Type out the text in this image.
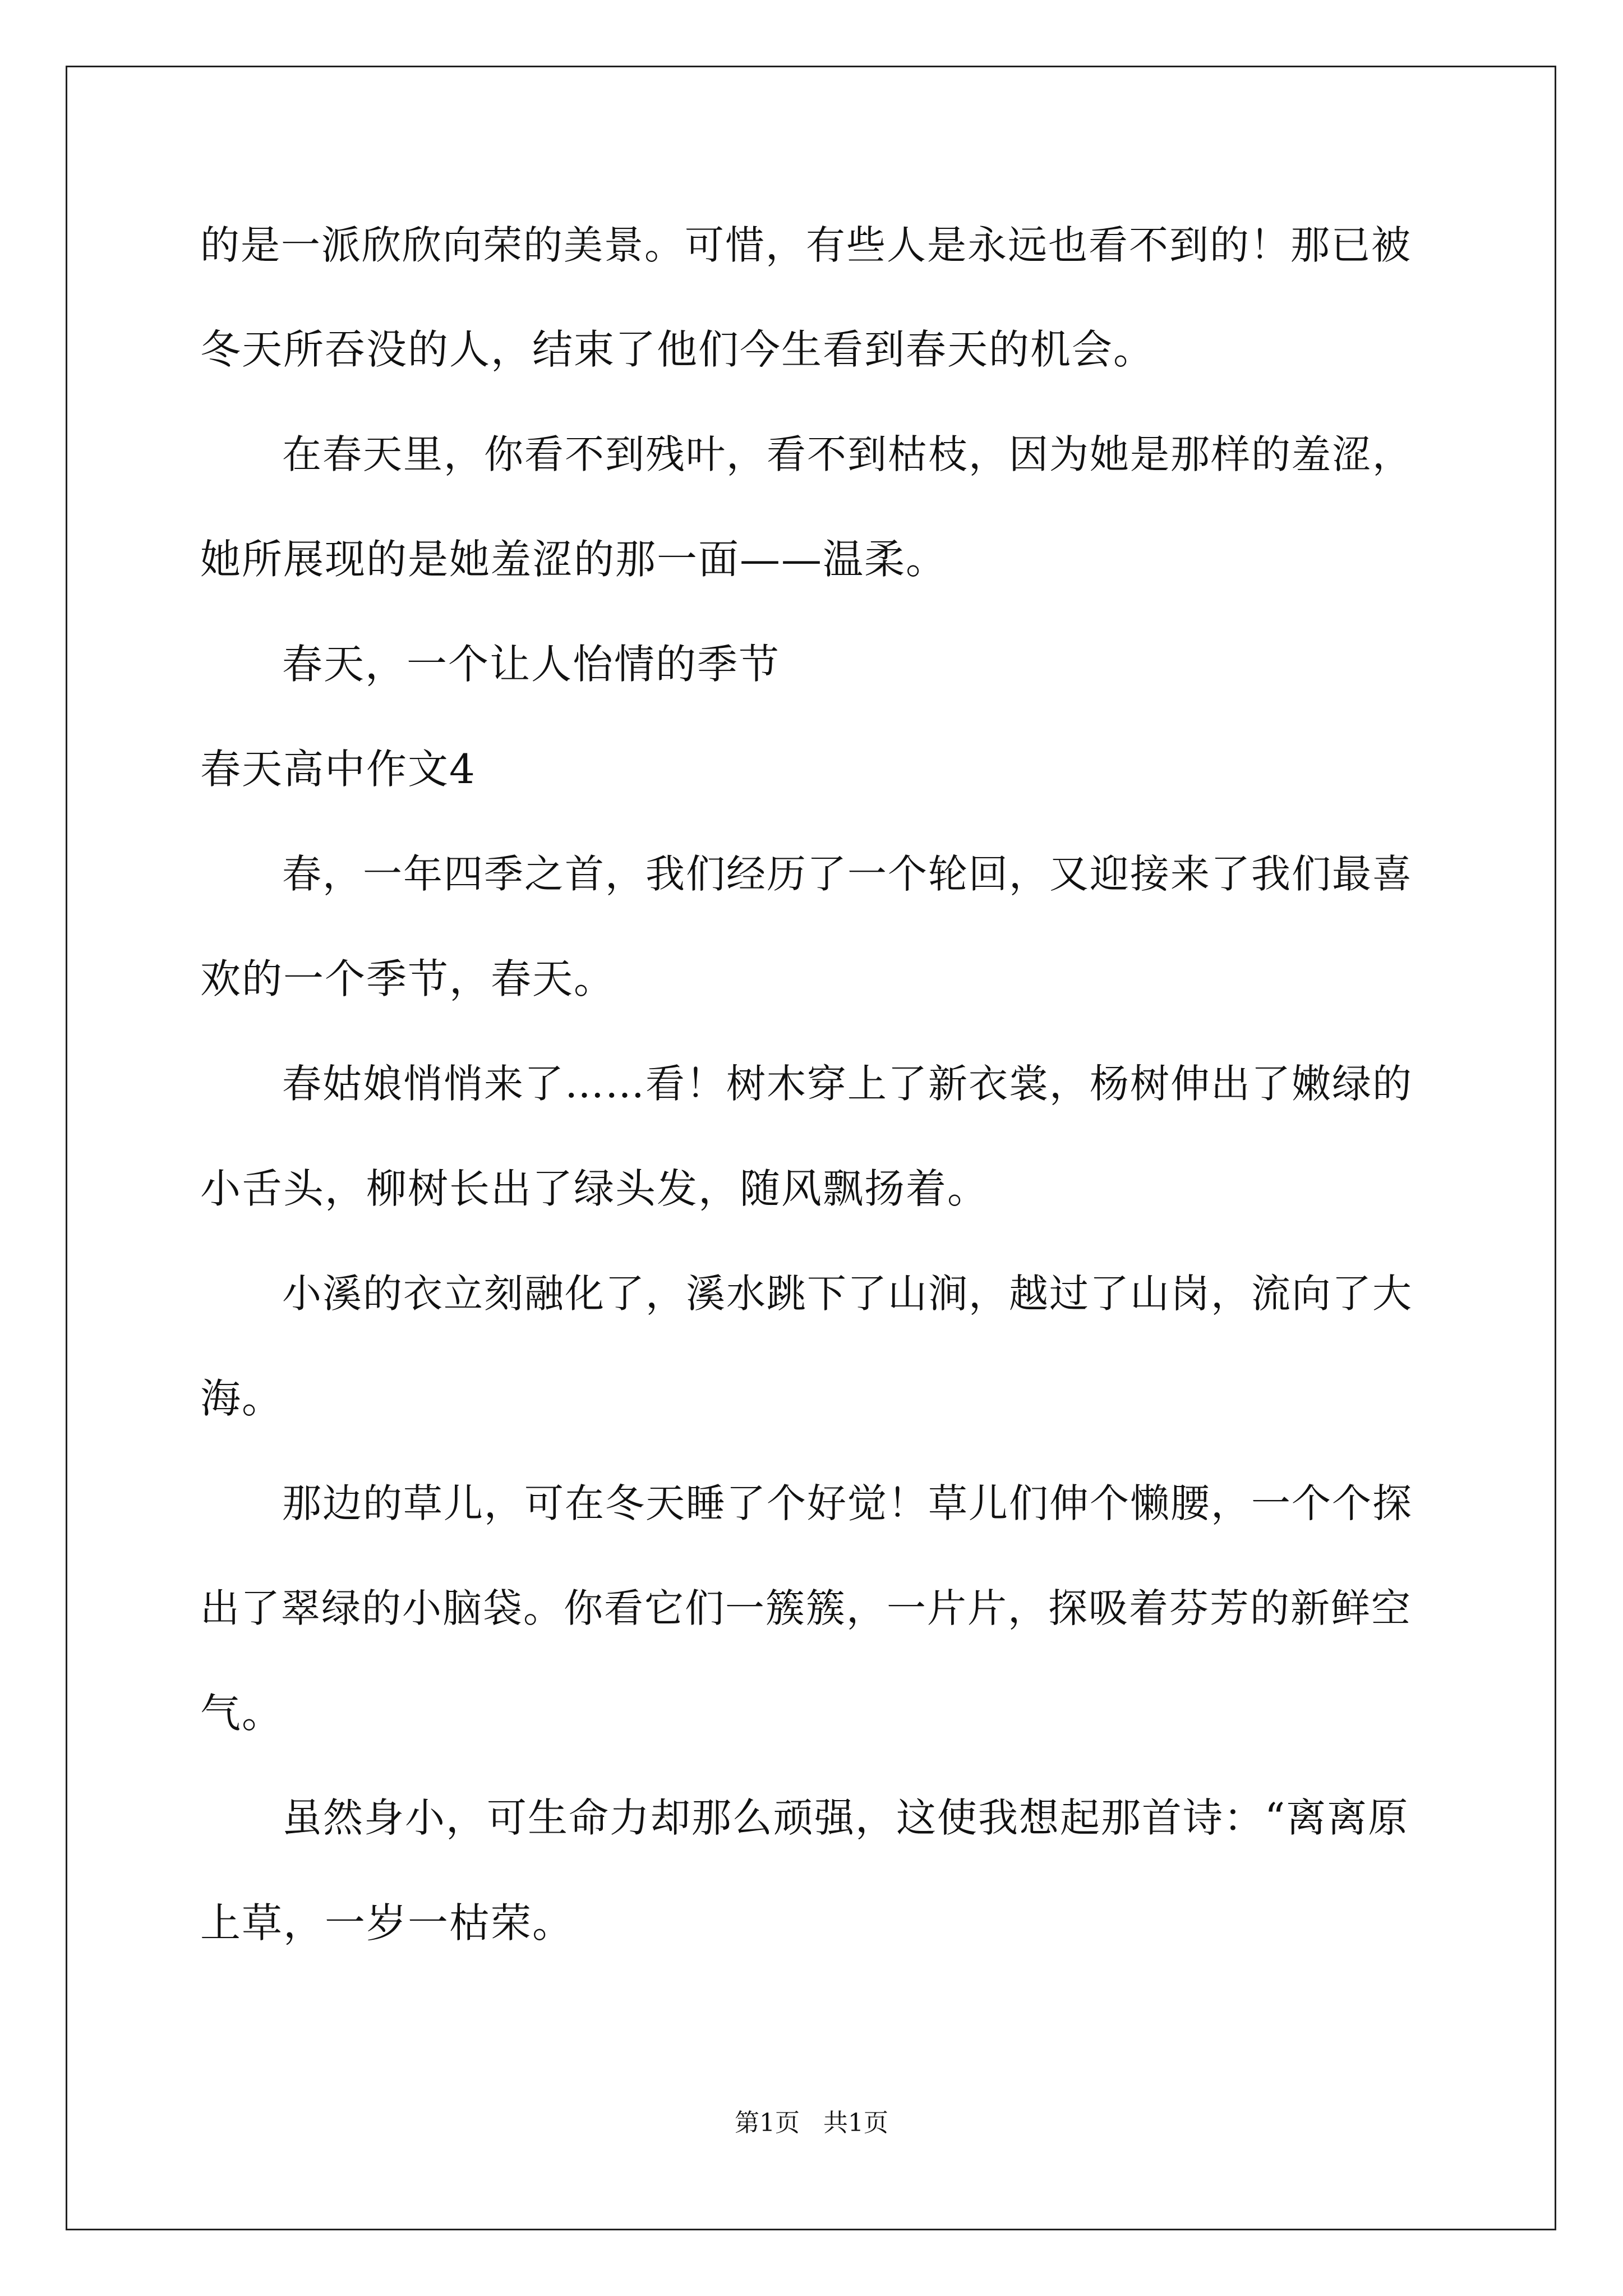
的是一派欣欣向荣的美景。可惜，有些人是永远也看不到的！那已被
冬天所吞没的人，结束了他们今生看到春天的机会。
在春天里，你看不到残叶，看不到枯枝，因为她是那样的羞涩，
她所展现的是她羞涩的那一面——温柔。
春天，一个让人怡情的季节
春天高中作文4
春，一年四季之首，我们经历了一个轮回，又迎接来了我们最喜
欢的一个季节，春天。
春姑娘悄悄来了……看！树木穿上了新衣裳，杨树伸出了嫩绿的
小舌头，柳树长出了绿头发，随风飘扬着。
小溪的衣立刻融化了，溪水跳下了山涧，越过了山岗，流向了大
海。
那边的草儿，可在冬天睡了个好觉！草儿们伸个懒腰，一个个探
出了翠绿的小脑袋。你看它们一簇簇，一片片，探吸着芬芳的新鲜空
气。
虽然身小，可生命力却那么顽强，这使我想起那首诗：“离离原
上草，一岁一枯荣。
第1页   共1页
